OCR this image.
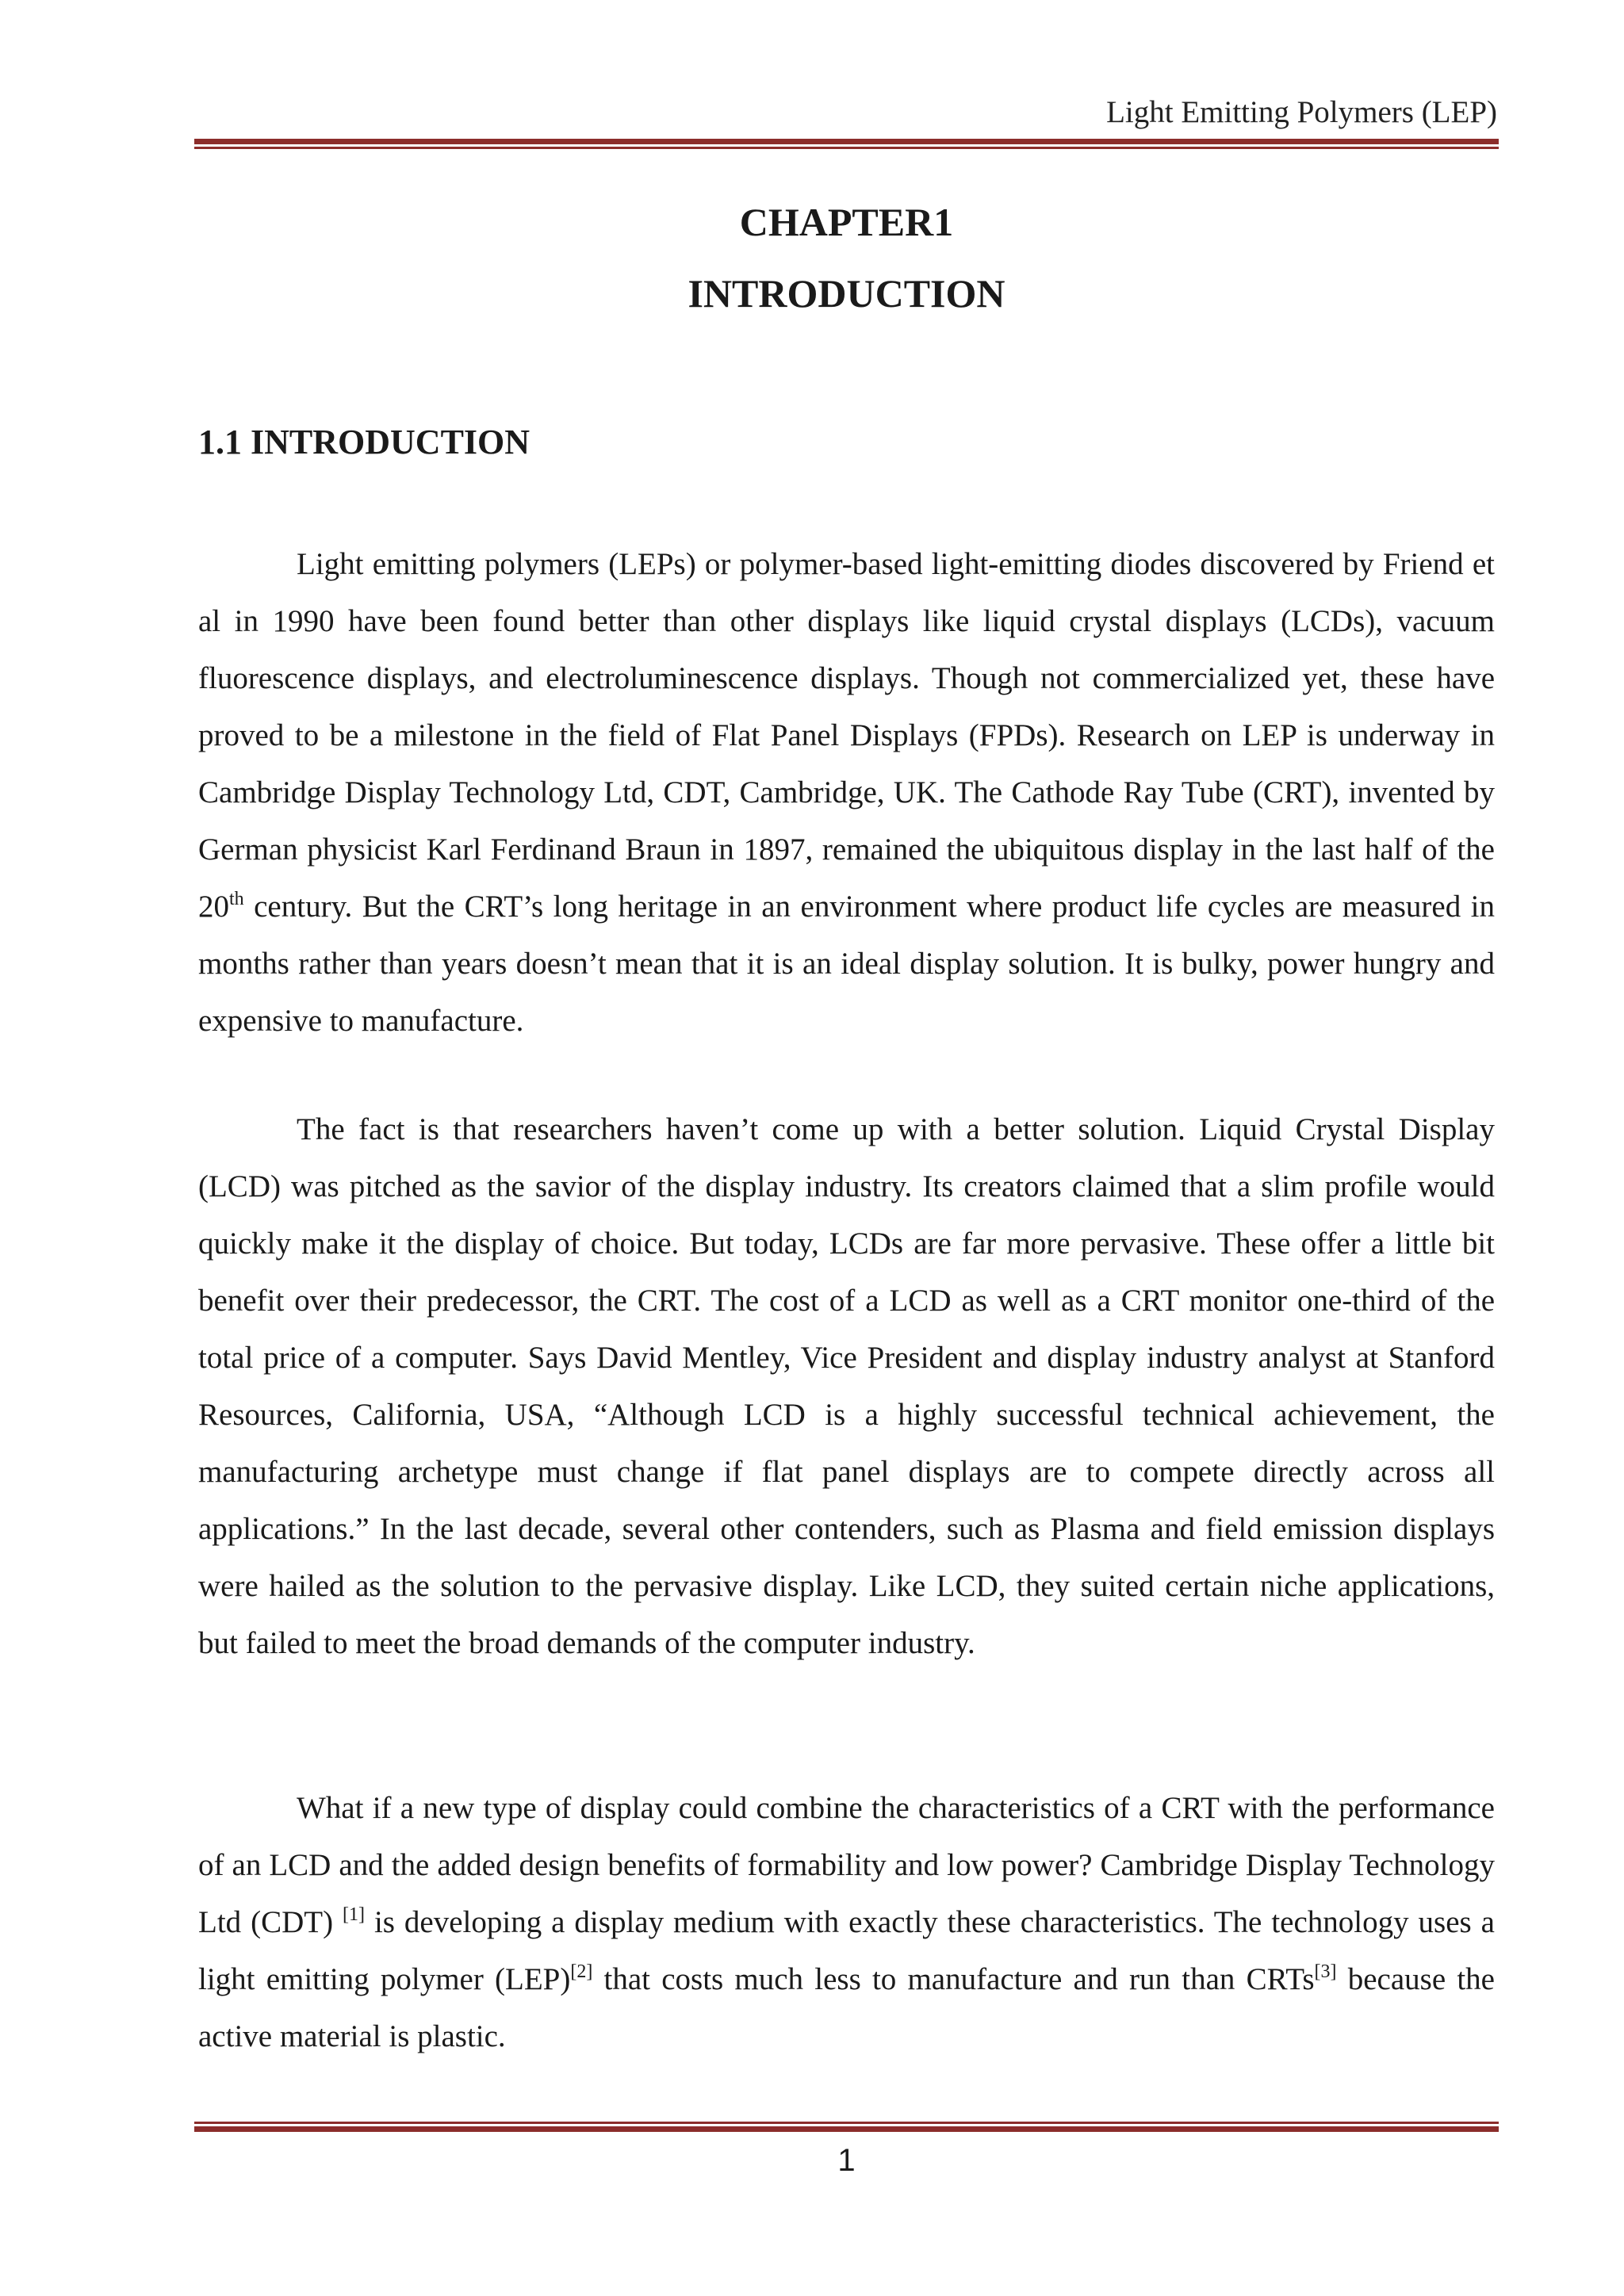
Light Emitting Polymers (LEP)
CHAPTER1
INTRODUCTION
1.1 INTRODUCTION

Light emitting polymers (LEPs) or polymer-based light-emitting diodes discovered by Friend et al in 1990 have been found better than other displays like liquid crystal displays (LCDs), vacuum fluorescence displays, and electroluminescence displays. Though not commercialized yet, these have proved to be a milestone in the field of Flat Panel Displays (FPDs). Research on LEP is underway in Cambridge Display Technology Ltd, CDT, Cambridge, UK. The Cathode Ray Tube (CRT), invented by German physicist Karl Ferdinand Braun in 1897, remained the ubiquitous display in the last half of the 20th century. But the CRT’s long heritage in an environment where product life cycles are measured in months rather than years doesn’t mean that it is an ideal display solution. It is bulky, power hungry and expensive to manufacture.

The fact is that researchers haven’t come up with a better solution. Liquid Crystal Display (LCD) was pitched as the savior of the display industry. Its creators claimed that a slim profile would quickly make it the display of choice. But today, LCDs are far more pervasive. These offer a little bit benefit over their predecessor, the CRT. The cost of a LCD as well as a CRT monitor one-third of the total price of a computer. Says David Mentley, Vice President and display industry analyst at Stanford Resources, California, USA, “Although LCD is a highly successful technical achievement, the manufacturing archetype must change if flat panel displays are to compete directly across all applications.” In the last decade, several other contenders, such as Plasma and field emission displays were hailed as the solution to the pervasive display. Like LCD, they suited certain niche applications, but failed to meet the broad demands of the computer industry.

What if a new type of display could combine the characteristics of a CRT with the performance of an LCD and the added design benefits of formability and low power? Cambridge Display Technology Ltd (CDT) [1] is developing a display medium with exactly these characteristics. The technology uses a light emitting polymer (LEP)[2] that costs much less to manufacture and run than CRTs[3] because the active material is plastic.

1
